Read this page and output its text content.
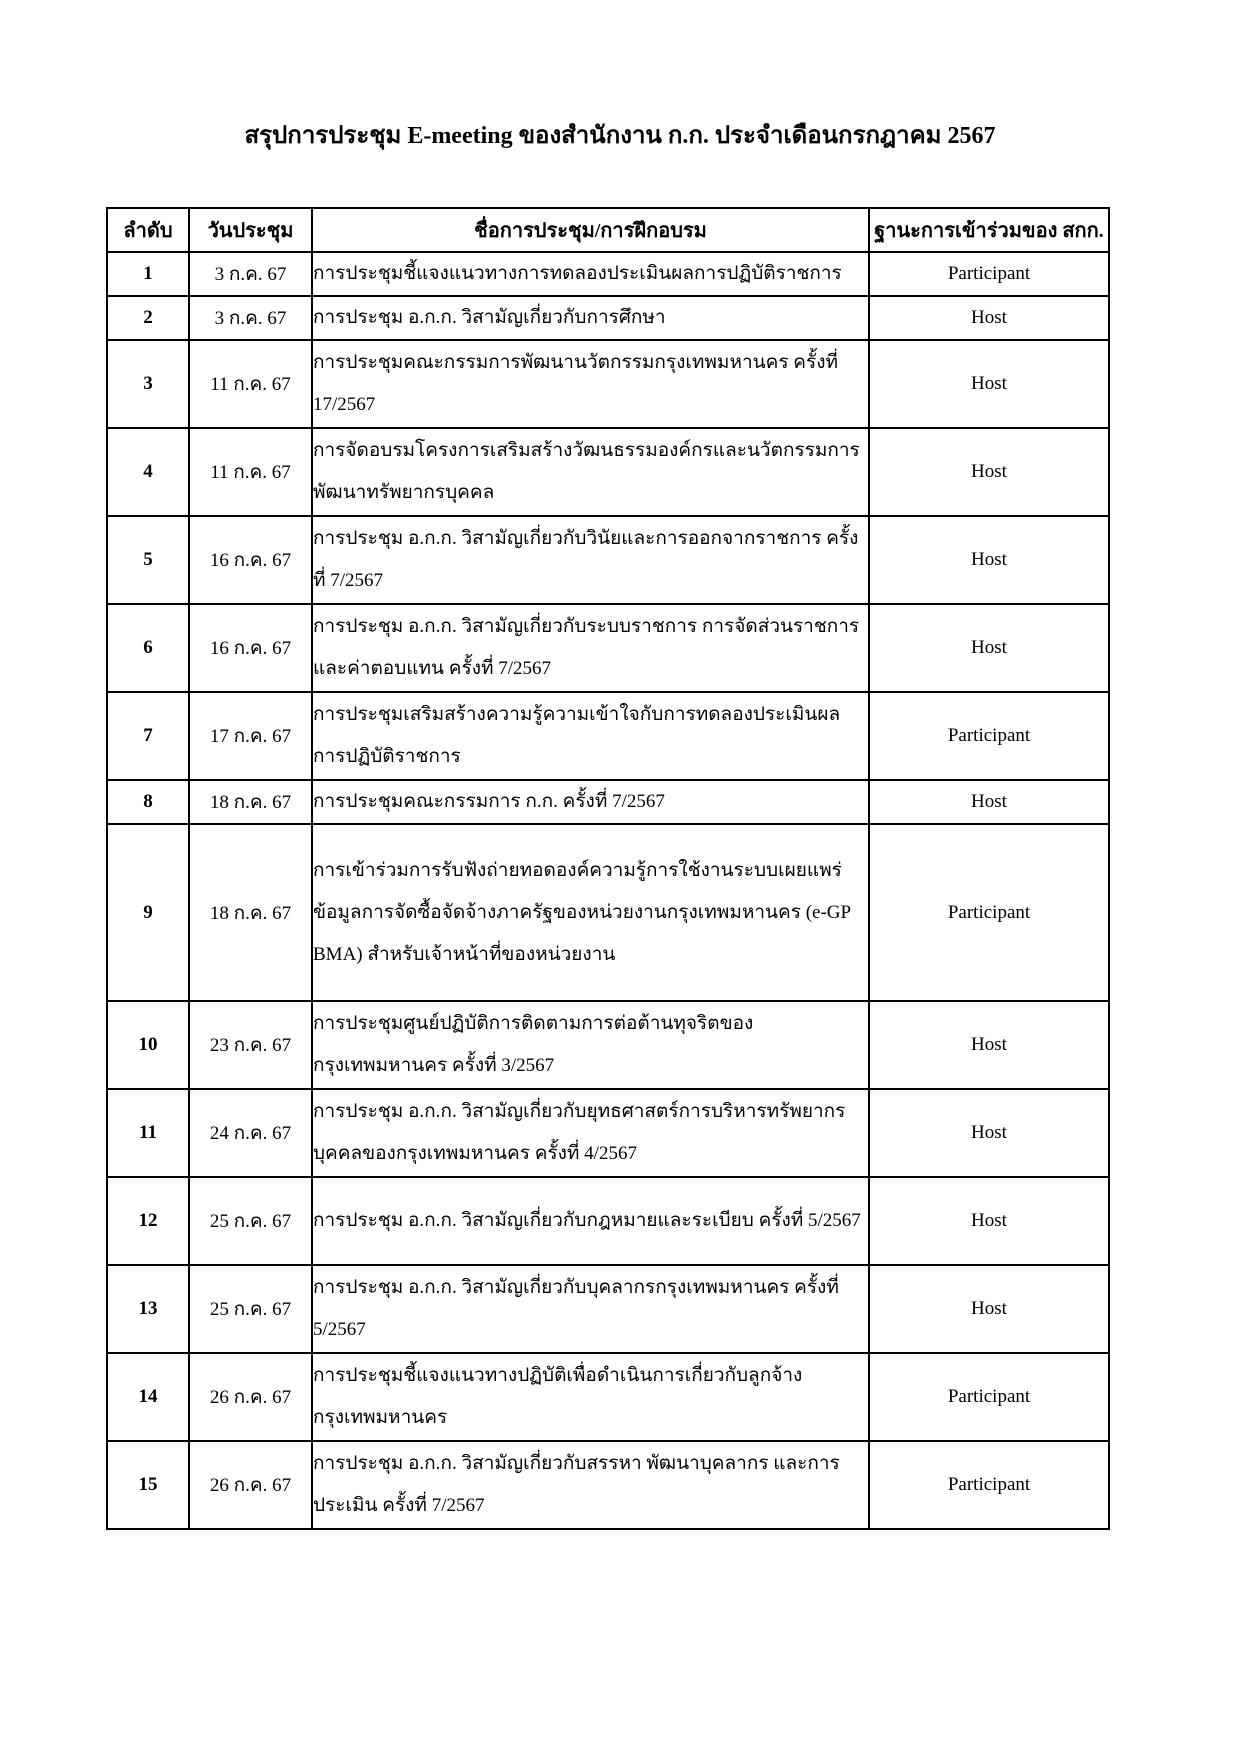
สรุปการประชุม E-meeting ของสำนักงาน ก.ก. ประจำเดือนกรกฎาคม 2567
ลำดับ	วันประชุม	ชื่อการประชุม/การฝึกอบรม	ฐานะการเข้าร่วมของ สกก.
1	3 ก.ค. 67	การประชุมชี้แจงแนวทางการทดลองประเมินผลการปฏิบัติราชการ	Participant
2	3 ก.ค. 67	การประชุม อ.ก.ก. วิสามัญเกี่ยวกับการศึกษา	Host
3	11 ก.ค. 67	การประชุมคณะกรรมการพัฒนานวัตกรรมกรุงเทพมหานคร ครั้งที่ 17/2567	Host
4	11 ก.ค. 67	การจัดอบรมโครงการเสริมสร้างวัฒนธรรมองค์กรและนวัตกรรมการพัฒนาทรัพยากรบุคคล	Host
5	16 ก.ค. 67	การประชุม อ.ก.ก. วิสามัญเกี่ยวกับวินัยและการออกจากราชการ ครั้งที่ 7/2567	Host
6	16 ก.ค. 67	การประชุม อ.ก.ก. วิสามัญเกี่ยวกับระบบราชการ การจัดส่วนราชการ และค่าตอบแทน ครั้งที่ 7/2567	Host
7	17 ก.ค. 67	การประชุมเสริมสร้างความรู้ความเข้าใจกับการทดลองประเมินผลการปฏิบัติราชการ	Participant
8	18 ก.ค. 67	การประชุมคณะกรรมการ ก.ก. ครั้งที่ 7/2567	Host
9	18 ก.ค. 67	การเข้าร่วมการรับฟังถ่ายทอดองค์ความรู้การใช้งานระบบเผยแพร่ข้อมูลการจัดซื้อจัดจ้างภาครัฐของหน่วยงานกรุงเทพมหานคร (e-GP BMA) สำหรับเจ้าหน้าที่ของหน่วยงาน	Participant
10	23 ก.ค. 67	การประชุมศูนย์ปฏิบัติการติดตามการต่อต้านทุจริตของกรุงเทพมหานคร ครั้งที่ 3/2567	Host
11	24 ก.ค. 67	การประชุม อ.ก.ก. วิสามัญเกี่ยวกับยุทธศาสตร์การบริหารทรัพยากรบุคคลของกรุงเทพมหานคร ครั้งที่ 4/2567	Host
12	25 ก.ค. 67	การประชุม อ.ก.ก. วิสามัญเกี่ยวกับกฎหมายและระเบียบ ครั้งที่ 5/2567	Host
13	25 ก.ค. 67	การประชุม อ.ก.ก. วิสามัญเกี่ยวกับบุคลากรกรุงเทพมหานคร ครั้งที่ 5/2567	Host
14	26 ก.ค. 67	การประชุมชี้แจงแนวทางปฏิบัติเพื่อดำเนินการเกี่ยวกับลูกจ้างกรุงเทพมหานคร	Participant
15	26 ก.ค. 67	การประชุม อ.ก.ก. วิสามัญเกี่ยวกับสรรหา พัฒนาบุคลากร และการประเมิน ครั้งที่ 7/2567	Participant
